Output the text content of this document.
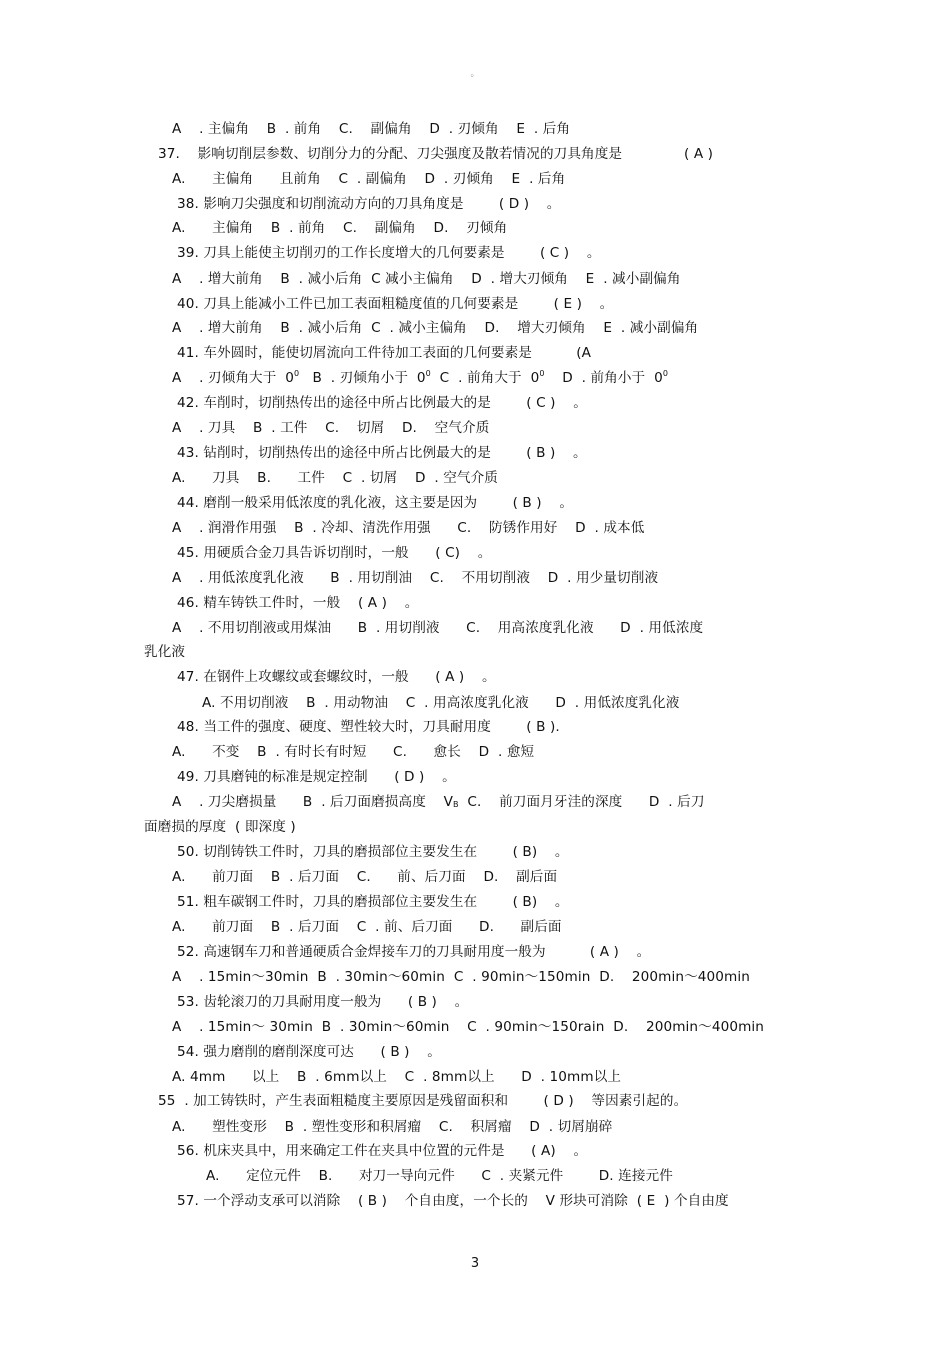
。
A    . 主偏角    B  . 前角    C.    副偏角    D  . 刃倾角    E  . 后角
37.    影响切削层参数、切削分力的分配、刀尖强度及散若情况的刀具角度是              ( A )
A.      主偏角      且前角    C  . 副偏角    D  . 刃倾角    E  . 后角
38. 影响刀尖强度和切削流动方向的刀具角度是        ( D )    。
A.      主偏角    B  . 前角    C.    副偏角    D.    刃倾角
39. 刀具上能使主切削刃的工作长度增大的几何要素是        ( C )    。
A    . 增大前角    B  . 减小后角  C 减小主偏角    D  . 增大刃倾角    E  . 减小副偏角
40. 刀具上能减小工件已加工表面粗糙度值的几何要素是        ( E )    。
A    . 增大前角    B  . 减小后角  C  . 减小主偏角    D.    增大刃倾角    E  . 减小副偏角
41. 车外圆时，能使切屑流向工件待加工表面的几何要素是          (A
A    . 刃倾角大于  $0^0$   B  . 刃倾角小于  $0^0$  C  . 前角大于  $0^0$    D  . 前角小于  $0^0$
42. 车削时，切削热传出的途径中所占比例最大的是        ( C )    。
A    . 刀具    B  . 工件    C.    切屑    D.    空气介质
43. 钻削时，切削热传出的途径中所占比例最大的是        ( B )    。
A.      刀具    B.      工件    C  . 切屑    D  . 空气介质
44. 磨削一般采用低浓度的乳化液，这主要是因为        ( B )    。
A    . 润滑作用强    B  . 冷却、清洗作用强      C.    防锈作用好    D  . 成本低
45. 用硬质合金刀具告诉切削时，一般      ( C)    。
A    . 用低浓度乳化液      B  . 用切削油    C.    不用切削液    D  . 用少量切削液
46. 精车铸铁工件时，一般    ( A )    。
A    . 不用切削液或用煤油      B  . 用切削液      C.    用高浓度乳化液      D  . 用低浓度
乳化液
47. 在钢件上攻螺纹或套螺纹时，一般      ( A )    。
A. 不用切削液    B  . 用动物油    C  . 用高浓度乳化液      D  . 用低浓度乳化液
48. 当工件的强度、硬度、塑性较大时，刀具耐用度        ( B ).
A.      不变    B  . 有时长有时短      C.      愈长    D  . 愈短
49. 刀具磨钝的标准是规定控制      ( D )    。
A    . 刀尖磨损量      B  . 后刀面磨损高度    $V_B$  C.    前刀面月牙洼的深度      D  . 后刀
面磨损的厚度  ( 即深度 )
50. 切削铸铁工件时，刀具的磨损部位主要发生在        ( B)    。
A.      前刀面    B  . 后刀面    C.      前、后刀面    D.    副后面
51. 粗车碳钢工件时，刀具的磨损部位主要发生在        ( B)    。
A.      前刀面    B  . 后刀面    C  . 前、后刀面      D.      副后面
52. 高速钢车刀和普通硬质合金焊接车刀的刀具耐用度一般为          ( A )    。
A    . 15min～30min  B  . 30min～60min  C  . 90min～150min  D.    200min～400min
53. 齿轮滚刀的刀具耐用度一般为      ( B )    。
A    . 15min～ 30min  B  . 30min～60min    C  . 90min～150rain  D.    200min～400min
54. 强力磨削的磨削深度可达      ( B )    。
A. 4mm      以上    B  . 6mm以上    C  . 8mm以上      D  . 10mm以上
55  . 加工铸铁时，产生表面粗糙度主要原因是残留面积和        ( D )    等因素引起的。
A.      塑性变形    B  . 塑性变形和积屑瘤    C.    积屑瘤    D  . 切屑崩碎
56. 机床夹具中，用来确定工件在夹具中位置的元件是      ( A)    。
A.      定位元件    B.      对刀一导向元件      C  . 夹紧元件        D. 连接元件
57. 一个浮动支承可以消除    ( B )    个自由度，一个长的    V 形块可消除  ( E  ) 个自由度
3
